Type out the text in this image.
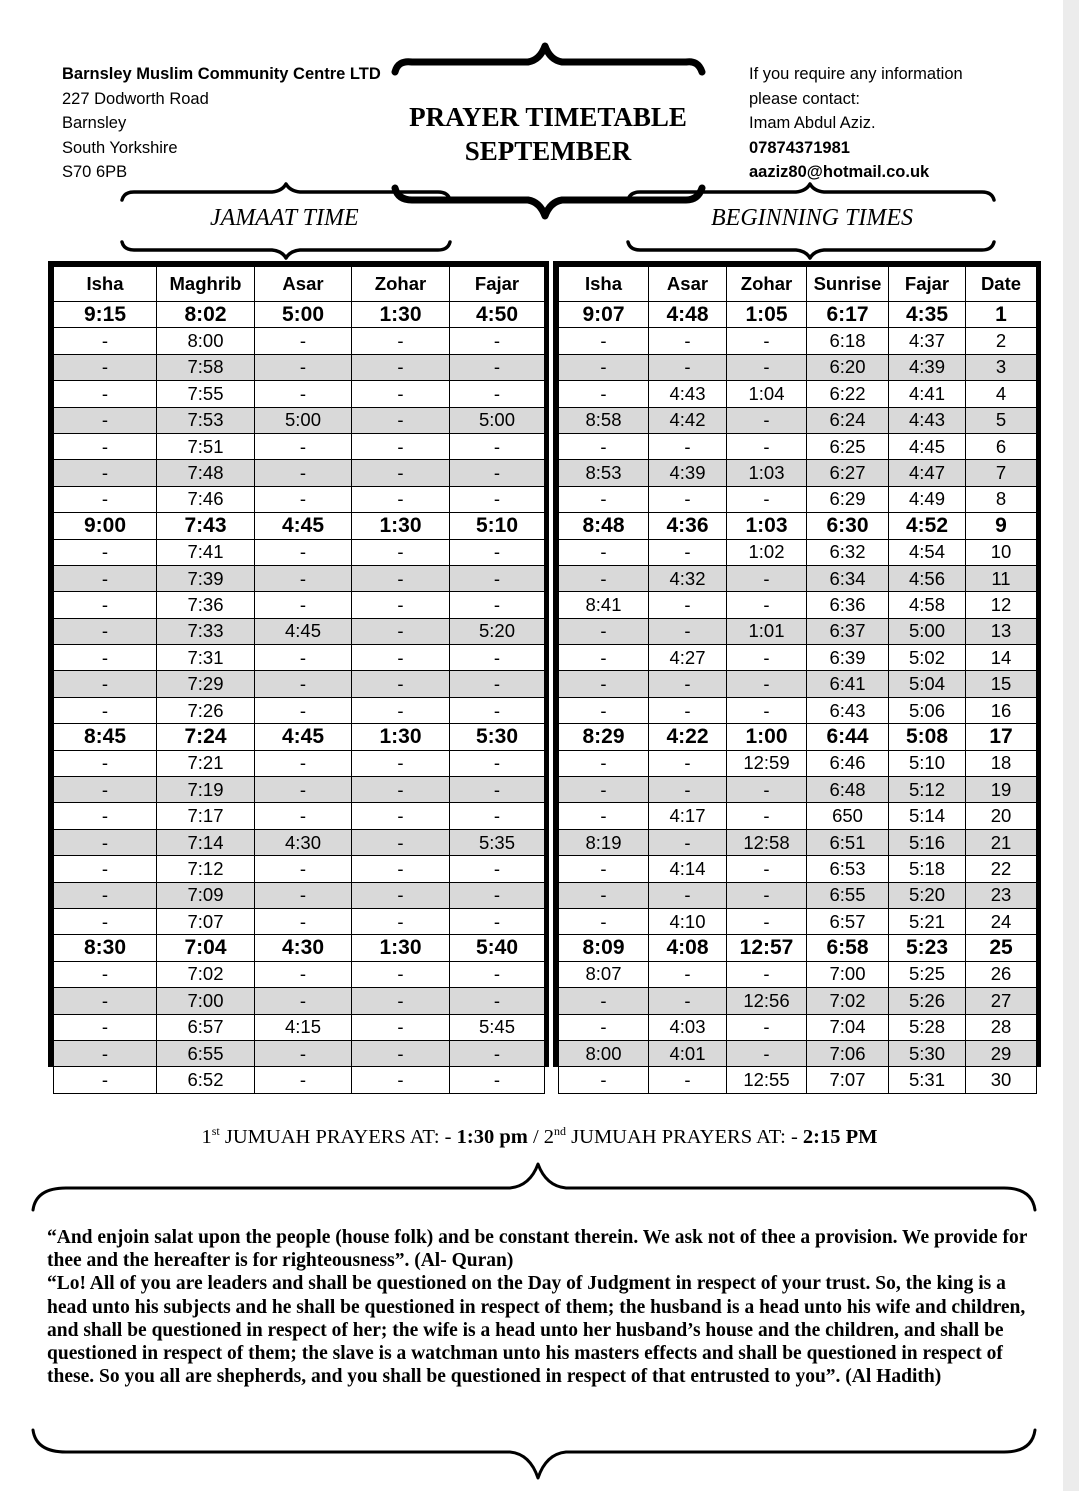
Barnsley Muslim Community Centre LTD
227 Dodworth Road
Barnsley
South Yorkshire
S70 6PB
PRAYER TIMETABLE
SEPTEMBER
If you require any information
please contact:
Imam Abdul Aziz.
07874371981
aaziz80@hotmail.co.uk
JAMAAT TIME	BEGINNING TIMES
Isha	Maghrib	Asar	Zohar	Fajar
9:15	8:02	5:00	1:30	4:50
-	8:00	-	-	-
-	7:58	-	-	-
-	7:55	-	-	-
-	7:53	5:00	-	5:00
-	7:51	-	-	-
-	7:48	-	-	-
-	7:46	-	-	-
9:00	7:43	4:45	1:30	5:10
-	7:41	-	-	-
-	7:39	-	-	-
-	7:36	-	-	-
-	7:33	4:45	-	5:20
-	7:31	-	-	-
-	7:29	-	-	-
-	7:26	-	-	-
8:45	7:24	4:45	1:30	5:30
-	7:21	-	-	-
-	7:19	-	-	-
-	7:17	-	-	-
-	7:14	4:30	-	5:35
-	7:12	-	-	-
-	7:09	-	-	-
-	7:07	-	-	-
8:30	7:04	4:30	1:30	5:40
-	7:02	-	-	-
-	7:00	-	-	-
-	6:57	4:15	-	5:45
-	6:55	-	-	-
-	6:52	-	-	-
Isha	Asar	Zohar	Sunrise	Fajar	Date
9:07	4:48	1:05	6:17	4:35	1
-	-	-	6:18	4:37	2
-	-	-	6:20	4:39	3
-	4:43	1:04	6:22	4:41	4
8:58	4:42	-	6:24	4:43	5
-	-	-	6:25	4:45	6
8:53	4:39	1:03	6:27	4:47	7
-	-	-	6:29	4:49	8
8:48	4:36	1:03	6:30	4:52	9
-	-	1:02	6:32	4:54	10
-	4:32	-	6:34	4:56	11
8:41	-	-	6:36	4:58	12
-	-	1:01	6:37	5:00	13
-	4:27	-	6:39	5:02	14
-	-	-	6:41	5:04	15
-	-	-	6:43	5:06	16
8:29	4:22	1:00	6:44	5:08	17
-	-	12:59	6:46	5:10	18
-	-	-	6:48	5:12	19
-	4:17	-	650	5:14	20
8:19	-	12:58	6:51	5:16	21
-	4:14	-	6:53	5:18	22
-	-	-	6:55	5:20	23
-	4:10	-	6:57	5:21	24
8:09	4:08	12:57	6:58	5:23	25
8:07	-	-	7:00	5:25	26
-	-	12:56	7:02	5:26	27
-	4:03	-	7:04	5:28	28
8:00	4:01	-	7:06	5:30	29
-	-	12:55	7:07	5:31	30
1st JUMUAH PRAYERS AT: - 1:30 pm / 2nd JUMUAH PRAYERS AT: - 2:15 PM

“And enjoin salat upon the people (house folk) and be constant therein. We ask not of thee a provision. We provide for thee and the hereafter is for righteousness”. (Al- Quran)

“Lo! All of you are leaders and shall be questioned on the Day of Judgment in respect of your trust. So, the king is a head unto his subjects and he shall be questioned in respect of them; the husband is a head unto his wife and children, and shall be questioned in respect of her; the wife is a head unto her husband’s house and the children, and shall be questioned in respect of them; the slave is a watchman unto his masters effects and shall be questioned in respect of these. So you all are shepherds, and you shall be questioned in respect of that entrusted to you”. (Al Hadith)
